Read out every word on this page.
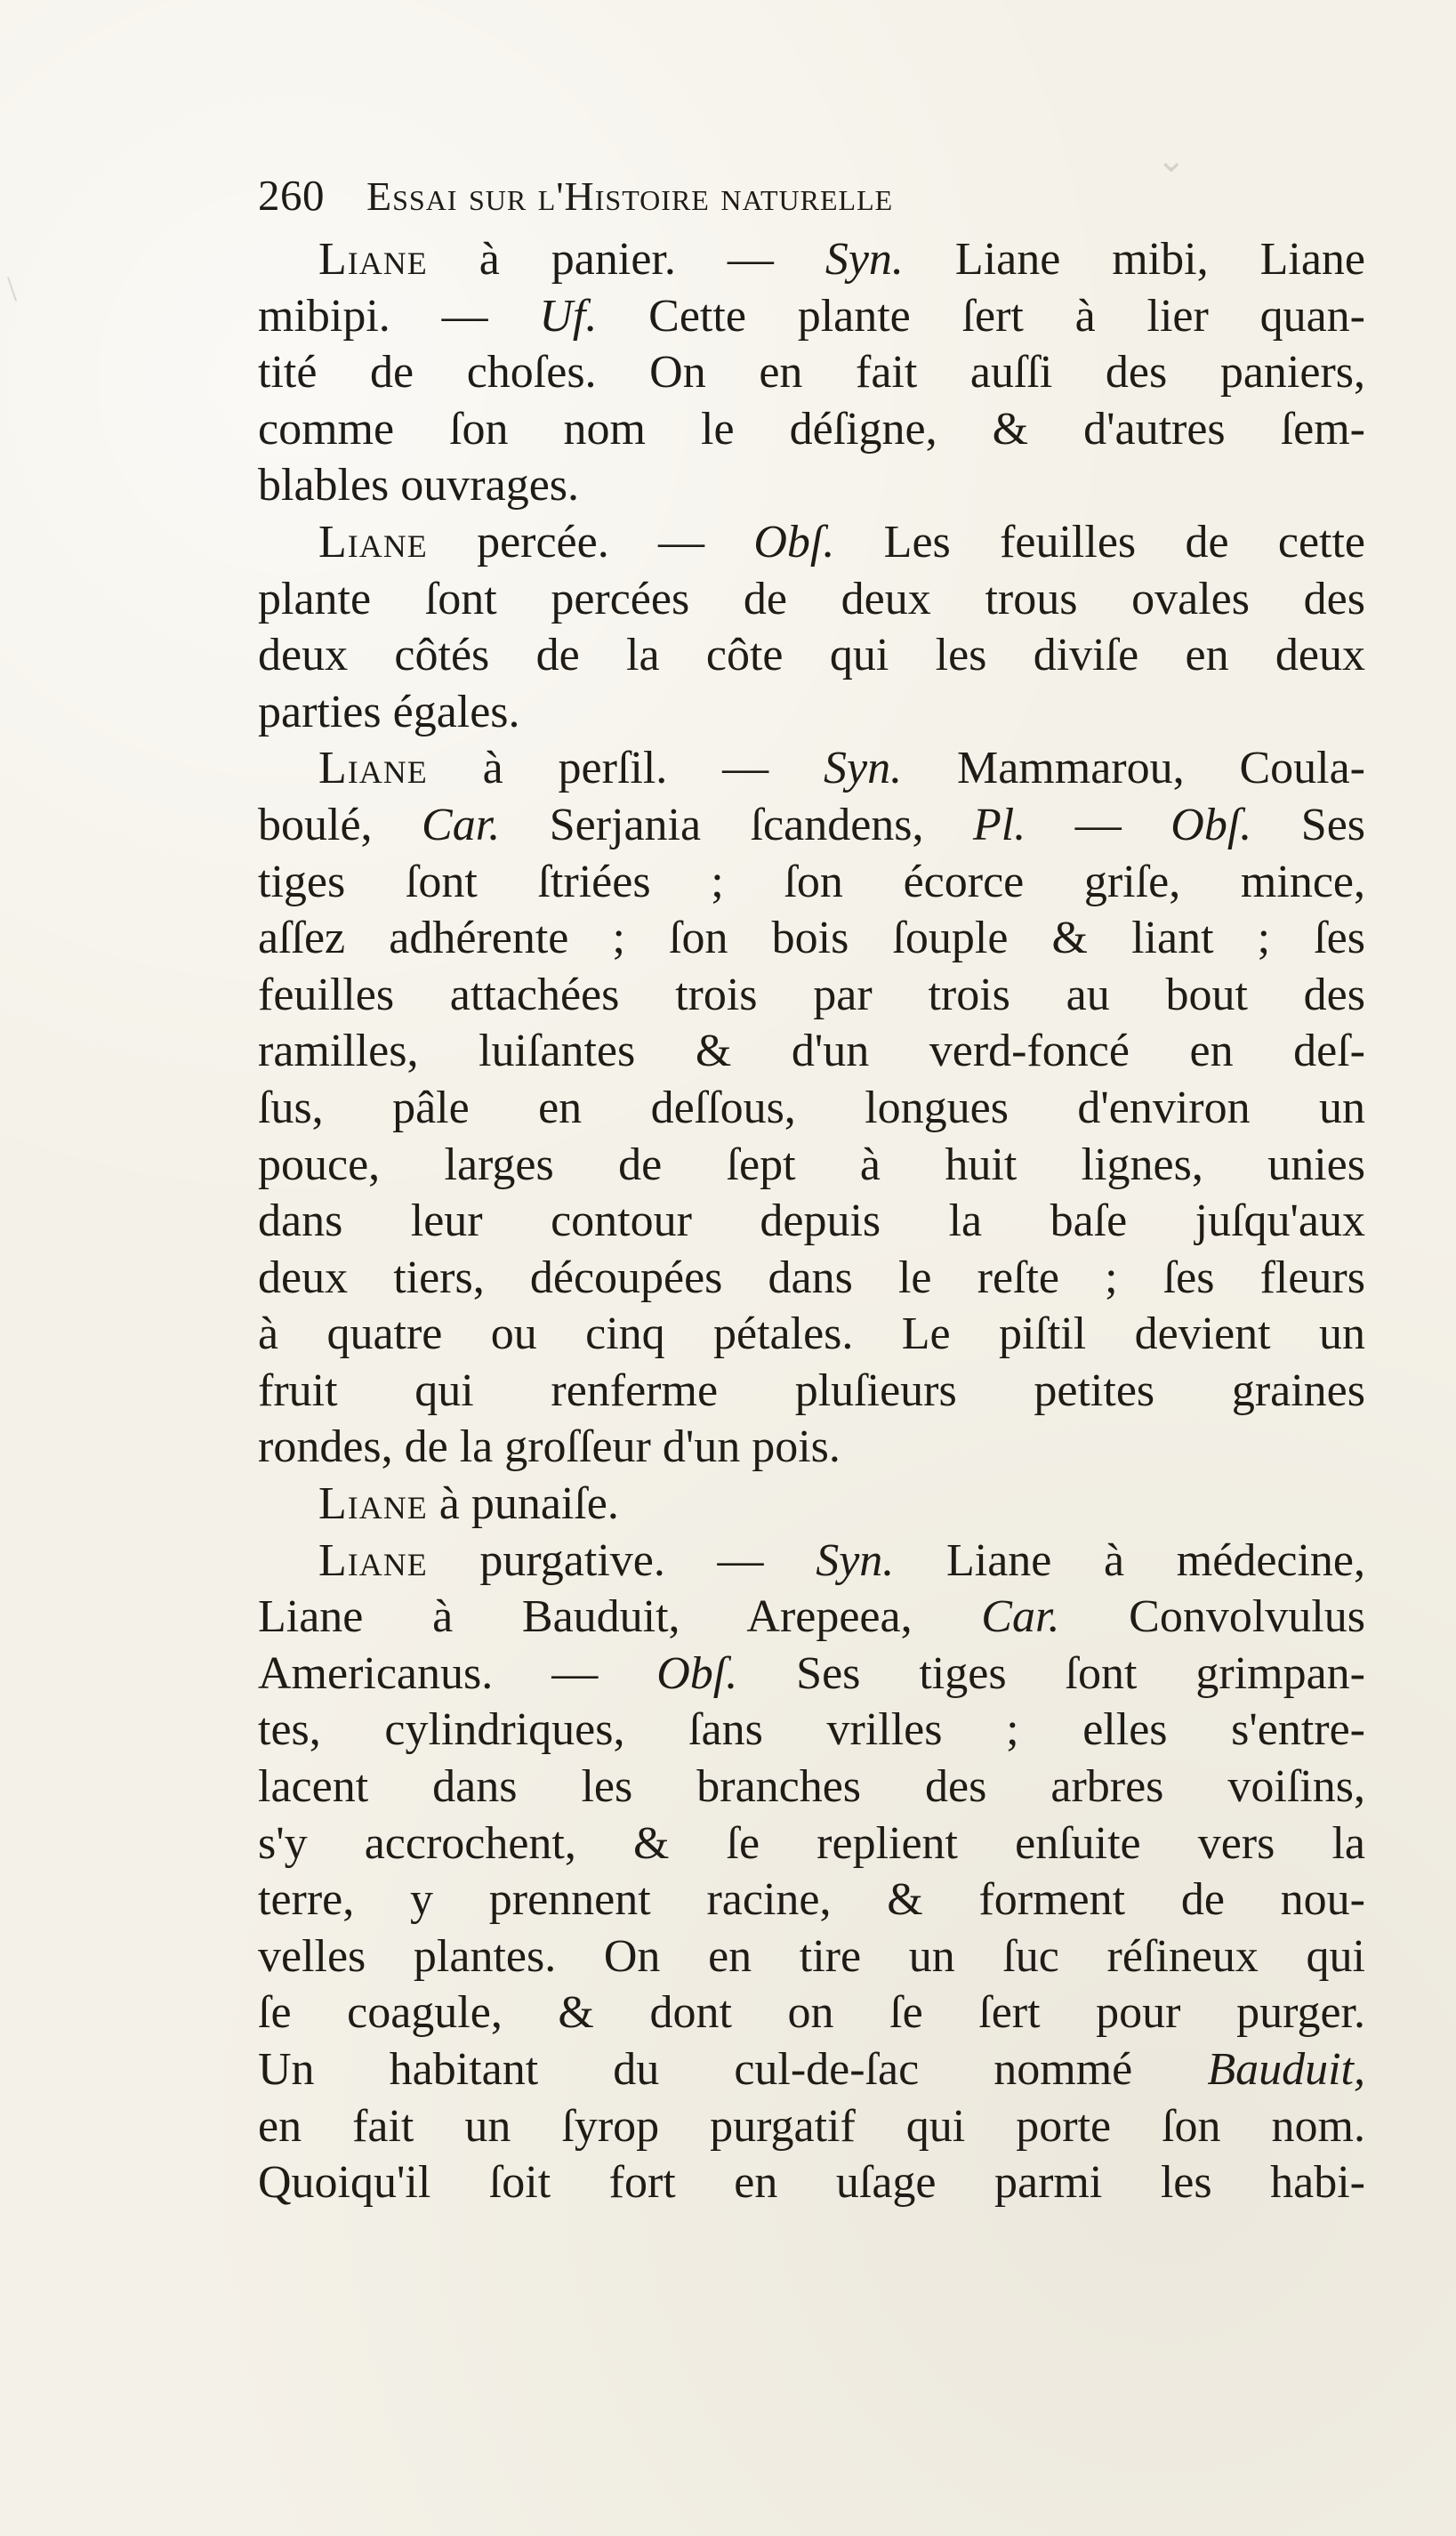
\
⌄
260 Essai sur l'Histoire naturelle
Liane à panier. — Syn. Liane mibi, Liane
mibipi. — Uf. Cette plante ſert à lier quan-
tité de choſes. On en fait auſſi des paniers,
comme ſon nom le déſigne, & d'autres ſem-
blables ouvrages.
Liane percée. — Obſ. Les feuilles de cette
plante ſont percées de deux trous ovales des
deux côtés de la côte qui les diviſe en deux
parties égales.
Liane à perſil. — Syn. Mammarou, Coula-
boulé, Car. Serjania ſcandens, Pl. — Obſ. Ses
tiges ſont ſtriées ; ſon écorce griſe, mince,
aſſez adhérente ; ſon bois ſouple & liant ; ſes
feuilles attachées trois par trois au bout des
ramilles, luiſantes & d'un verd-foncé en deſ-
ſus, pâle en deſſous, longues d'environ un
pouce, larges de ſept à huit lignes, unies
dans leur contour depuis la baſe juſqu'aux
deux tiers, découpées dans le reſte ; ſes fleurs
à quatre ou cinq pétales. Le piſtil devient un
fruit qui renferme pluſieurs petites graines
rondes, de la groſſeur d'un pois.
Liane à punaiſe.
Liane purgative. — Syn. Liane à médecine,
Liane à Bauduit, Arepeea, Car. Convolvulus
Americanus. — Obſ. Ses tiges ſont grimpan-
tes, cylindriques, ſans vrilles ; elles s'entre-
lacent dans les branches des arbres voiſins,
s'y accrochent, & ſe replient enſuite vers la
terre, y prennent racine, & forment de nou-
velles plantes. On en tire un ſuc réſineux qui
ſe coagule, & dont on ſe ſert pour purger.
Un habitant du cul-de-ſac nommé Bauduit,
en fait un ſyrop purgatif qui porte ſon nom.
Quoiqu'il ſoit fort en uſage parmi les habi-
